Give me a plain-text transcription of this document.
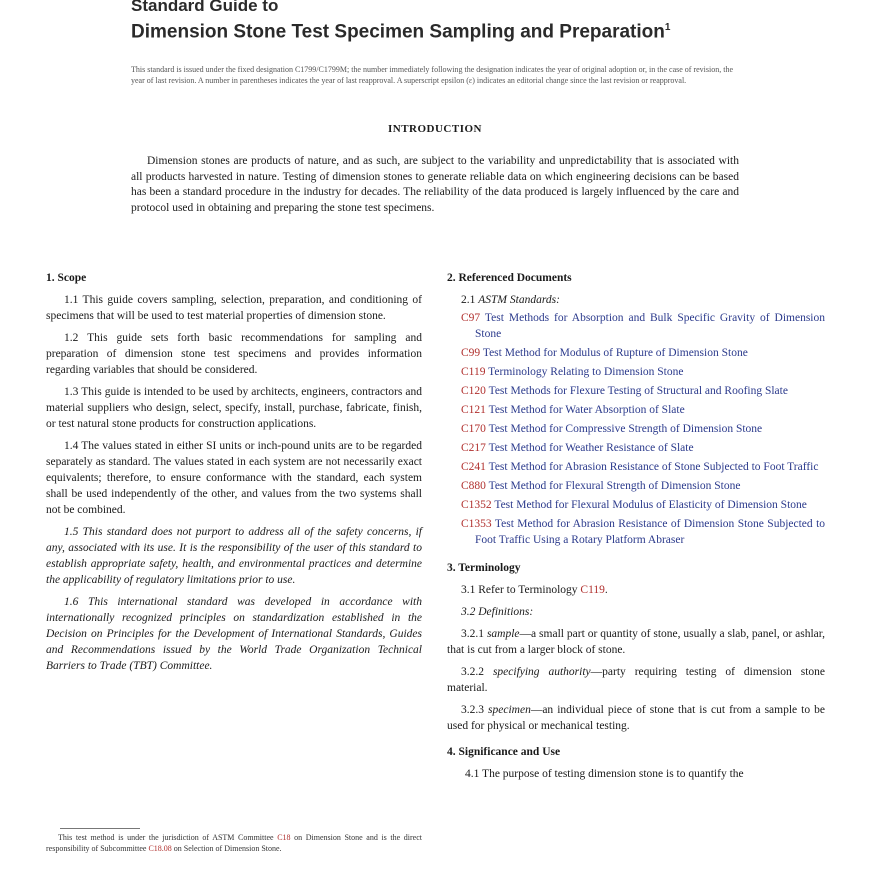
Standard Guide to
Dimension Stone Test Specimen Sampling and Preparation$^1$
This standard is issued under the fixed designation C1799/C1799M; the number immediately following the designation indicates the year of original adoption or, in the case of revision, the year of last revision. A number in parentheses indicates the year of last reapproval. A superscript epsilon (ε) indicates an editorial change since the last revision or reapproval.
INTRODUCTION
Dimension stones are products of nature, and as such, are subject to the variability and unpredictability that is associated with all products harvested in nature. Testing of dimension stones to generate reliable data on which engineering decisions can be based has been a standard procedure in the industry for decades. The reliability of the data produced is largely influenced by the care and protocol used in obtaining and preparing the stone test specimens.
1. Scope

1.1 This guide covers sampling, selection, preparation, and conditioning of specimens that will be used to test material properties of dimension stone.

1.2 This guide sets forth basic recommendations for sampling and preparation of dimension stone test specimens and provides information regarding variables that should be considered.

1.3 This guide is intended to be used by architects, engineers, contractors and material suppliers who design, select, specify, install, purchase, fabricate, finish, or test natural stone products for construction applications.

1.4 The values stated in either SI units or inch-pound units are to be regarded separately as standard. The values stated in each system are not necessarily exact equivalents; therefore, to ensure conformance with the standard, each system shall be used independently of the other, and values from the two systems shall not be combined.

1.5 This standard does not purport to address all of the safety concerns, if any, associated with its use. It is the responsibility of the user of this standard to establish appropriate safety, health, and environmental practices and determine the applicability of regulatory limitations prior to use.

1.6 This international standard was developed in accordance with internationally recognized principles on standardization established in the Decision on Principles for the Development of International Standards, Guides and Recommendations issued by the World Trade Organization Technical Barriers to Trade (TBT) Committee.

This test method is under the jurisdiction of ASTM Committee C18 on Dimension Stone and is the direct responsibility of Subcommittee C18.08 on Selection of Dimension Stone.
2. Referenced Documents
2.1 ASTM Standards:
C97 Test Methods for Absorption and Bulk Specific Gravity of Dimension Stone
C99 Test Method for Modulus of Rupture of Dimension Stone
C119 Terminology Relating to Dimension Stone
C120 Test Methods for Flexure Testing of Structural and Roofing Slate
C121 Test Method for Water Absorption of Slate
C170 Test Method for Compressive Strength of Dimension Stone
C217 Test Method for Weather Resistance of Slate
C241 Test Method for Abrasion Resistance of Stone Subjected to Foot Traffic
C880 Test Method for Flexural Strength of Dimension Stone
C1352 Test Method for Flexural Modulus of Elasticity of Dimension Stone
C1353 Test Method for Abrasion Resistance of Dimension Stone Subjected to Foot Traffic Using a Rotary Platform Abraser
3. Terminology

3.1 Refer to Terminology C119.

3.2 Definitions:

3.2.1 sample—a small part or quantity of stone, usually a slab, panel, or ashlar, that is cut from a larger block of stone.

3.2.2 specifying authority—party requiring testing of dimension stone material.

3.2.3 specimen—an individual piece of stone that is cut from a sample to be used for physical or mechanical testing.

4. Significance and Use

4.1 The purpose of testing dimension stone is to quantify the
